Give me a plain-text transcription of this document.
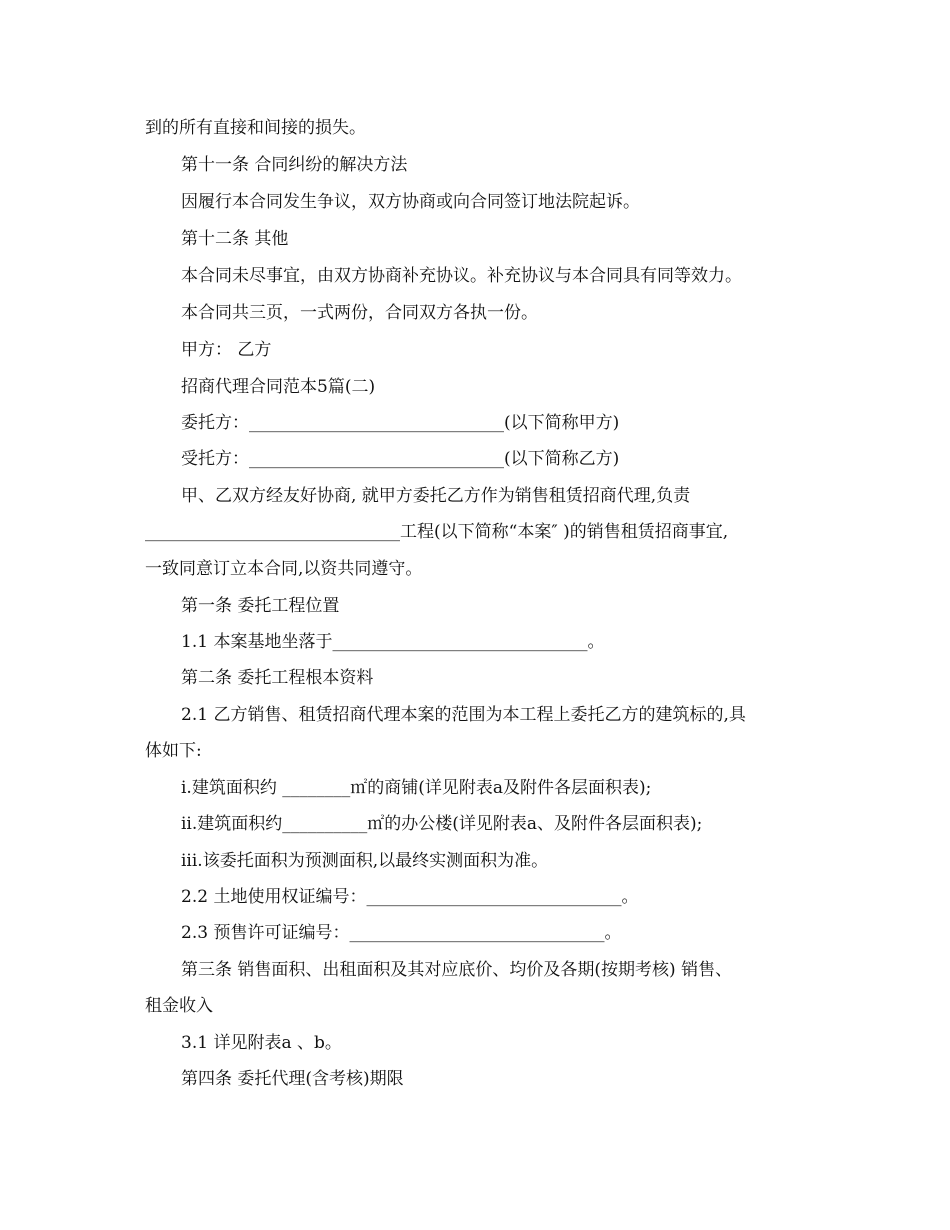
到的所有直接和间接的损失。

第十一条 合同纠纷的解决方法

因履行本合同发生争议，双方协商或向合同签订地法院起诉。

第十二条 其他

本合同未尽事宜，由双方协商补充协议。补充协议与本合同具有同等效力。

本合同共三页，一式两份，合同双方各执一份。

甲方： 乙方

招商代理合同范本5篇(二)

委托方：______________________________(以下简称甲方)

受托方：______________________________(以下简称乙方)

甲、乙双方经友好协商, 就甲方委托乙方作为销售租赁招商代理,负责

______________________________工程(以下简称“本案″ )的销售租赁招商事宜,

一致同意订立本合同,以资共同遵守。

第一条 委托工程位置

1.1 本案基地坐落于______________________________。

第二条 委托工程根本资料

2.1 乙方销售、租赁招商代理本案的范围为本工程上委托乙方的建筑标的,具

体如下:

i.建筑面积约 ________㎡的商铺(详见附表a及附件各层面积表);

ii.建筑面积约__________㎡的办公楼(详见附表a、及附件各层面积表);

iii.该委托面积为预测面积,以最终实测面积为准。

2.2 土地使用权证编号：______________________________。

2.3 预售许可证编号：______________________________。

第三条 销售面积、出租面积及其对应底价、均价及各期(按期考核) 销售、

租金收入

3.1 详见附表a 、b。

第四条 委托代理(含考核)期限
